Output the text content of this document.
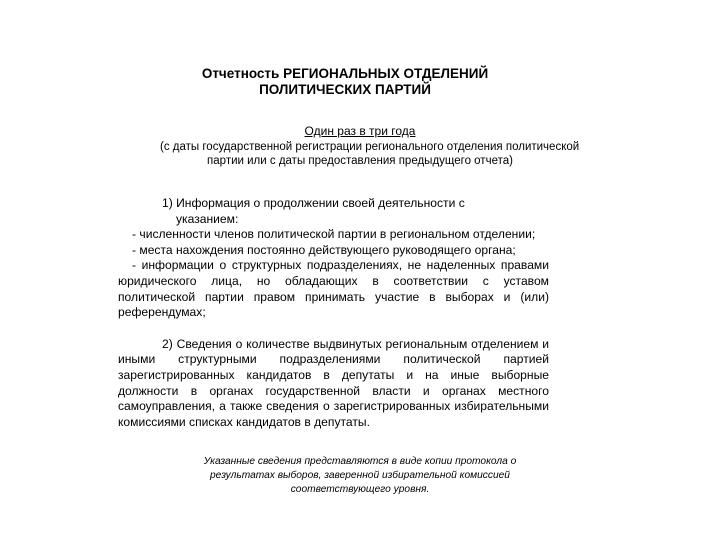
Отчетность РЕГИОНАЛЬНЫХ ОТДЕЛЕНИЙ
ПОЛИТИЧЕСКИХ ПАРТИЙ
Один раз в три года
(с даты государственной регистрации регионального отделения политической
партии или с даты предоставления предыдущего отчета)
1) Информация о продолжении своей деятельности с
указанием:
- численности членов политической партии в региональном отделении;
- места нахождения постоянно действующего руководящего органа;
- информации о структурных подразделениях, не наделенных правами юридического лица, но обладающих в соответствии с уставом политической партии правом принимать участие в выборах и (или) референдумах;
2) Сведения о количестве выдвинутых региональным отделением и иными структурными подразделениями политической партией зарегистрированных кандидатов в депутаты и на иные выборные должности в органах государственной власти и органах местного самоуправления, а также сведения о зарегистрированных избирательными комиссиями списках кандидатов в депутаты.
Указанные сведения представляются в виде копии протокола о
результатах выборов, заверенной избирательной комиссией
соответствующего уровня.
